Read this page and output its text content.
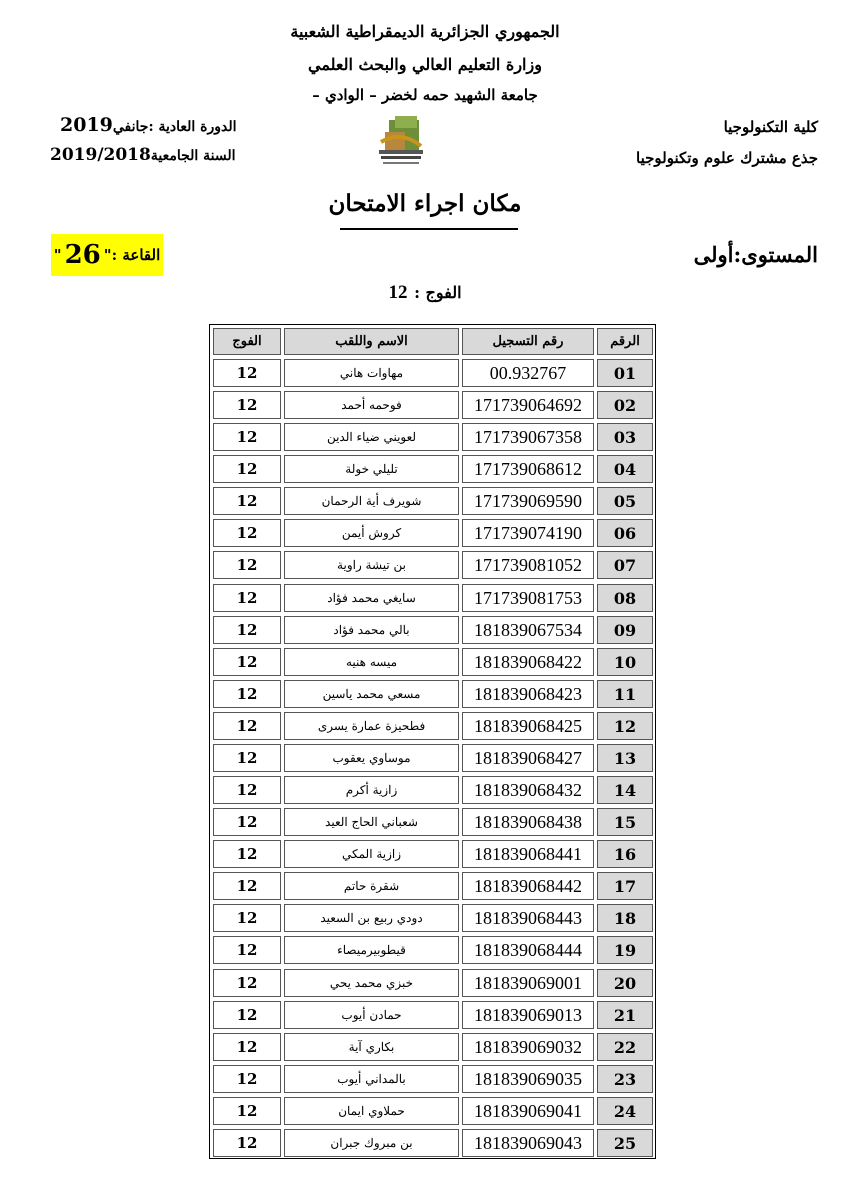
الجمهوري الجزائرية الديمقراطية الشعبية
وزارة التعليم العالي والبحث العلمي
جامعة الشهيد حمه لخضر – الوادي –
كلية التكنولوجيا
جذع مشترك علوم وتكنولوجيا
الدورة العادية :جانفي2019
السنة الجامعية2019/2018
مكان اجراء الامتحان
المستوى:أولى
القاعة :
"
26
"
الفوج : 12
الفوج	الاسم واللقب	رقم التسجيل	الرقم
12	مهاوات هاني	00.932767	01
12	فوحمه أحمد	171739064692	02
12	لعويني ضياء الدين	171739067358	03
12	تليلي خولة	171739068612	04
12	شويرف أية الرحمان	171739069590	05
12	كروش أيمن	171739074190	06
12	بن تيشة راوية	171739081052	07
12	سايغي محمد فؤاد	171739081753	08
12	بالي محمد فؤاد	181839067534	09
12	ميسه هنيه	181839068422	10
12	مسعي محمد ياسين	181839068423	11
12	فطحيزة عمارة يسرى	181839068425	12
12	موساوي يعقوب	181839068427	13
12	زازية أكرم	181839068432	14
12	شعباني الحاج العيد	181839068438	15
12	زازية المكي	181839068441	16
12	شقرة حاتم	181839068442	17
12	دودي ربيع بن السعيد	181839068443	18
12	قيطوبيرميصاء	181839068444	19
12	خبزي محمد يحي	181839069001	20
12	حمادن أيوب	181839069013	21
12	بكاري آية	181839069032	22
12	بالمداني أيوب	181839069035	23
12	حملاوي ايمان	181839069041	24
12	بن مبروك جبران	181839069043	25
